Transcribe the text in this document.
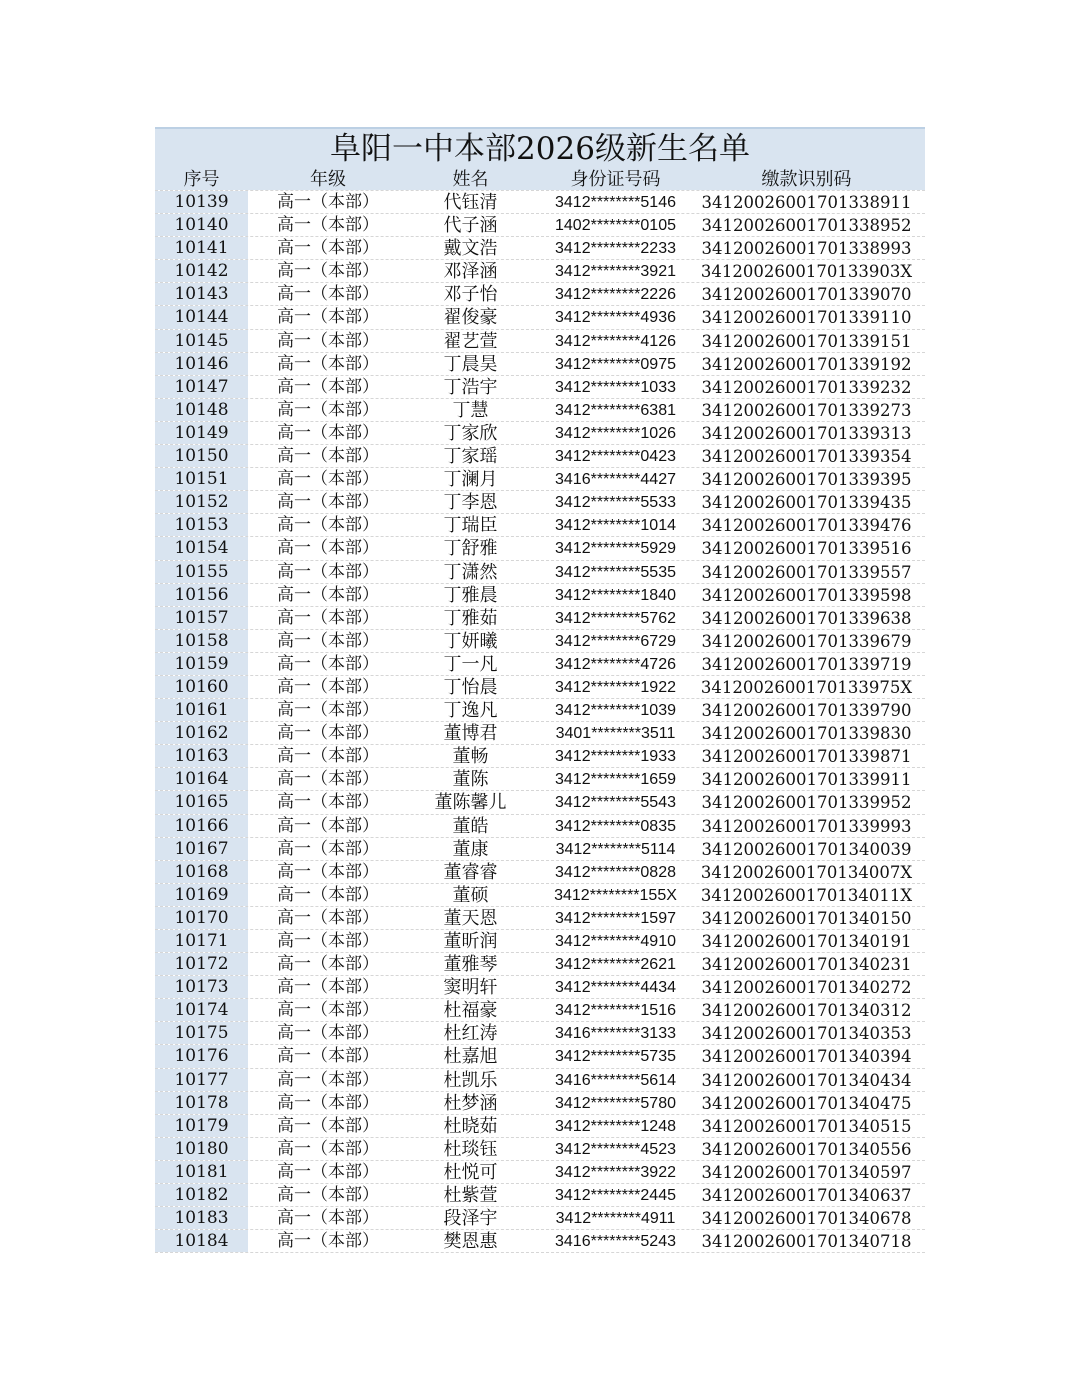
阜阳一中本部2026级新生名单
序号	年级	姓名	身份证号码	缴款识别码
10139	高一（本部）	代钰清	3412********5146	34120026001701338911
10140	高一（本部）	代子涵	1402********0105	34120026001701338952
10141	高一（本部）	戴文浩	3412********2233	34120026001701338993
10142	高一（本部）	邓泽涵	3412********3921	3412002600170133903X
10143	高一（本部）	邓子怡	3412********2226	34120026001701339070
10144	高一（本部）	翟俊豪	3412********4936	34120026001701339110
10145	高一（本部）	翟艺萱	3412********4126	34120026001701339151
10146	高一（本部）	丁晨昊	3412********0975	34120026001701339192
10147	高一（本部）	丁浩宇	3412********1033	34120026001701339232
10148	高一（本部）	丁慧	3412********6381	34120026001701339273
10149	高一（本部）	丁家欣	3412********1026	34120026001701339313
10150	高一（本部）	丁家瑶	3412********0423	34120026001701339354
10151	高一（本部）	丁澜月	3416********4427	34120026001701339395
10152	高一（本部）	丁李恩	3412********5533	34120026001701339435
10153	高一（本部）	丁瑞臣	3412********1014	34120026001701339476
10154	高一（本部）	丁舒雅	3412********5929	34120026001701339516
10155	高一（本部）	丁潇然	3412********5535	34120026001701339557
10156	高一（本部）	丁雅晨	3412********1840	34120026001701339598
10157	高一（本部）	丁雅茹	3412********5762	34120026001701339638
10158	高一（本部）	丁妍曦	3412********6729	34120026001701339679
10159	高一（本部）	丁一凡	3412********4726	34120026001701339719
10160	高一（本部）	丁怡晨	3412********1922	3412002600170133975X
10161	高一（本部）	丁逸凡	3412********1039	34120026001701339790
10162	高一（本部）	董博君	3401********3511	34120026001701339830
10163	高一（本部）	董畅	3412********1933	34120026001701339871
10164	高一（本部）	董陈	3412********1659	34120026001701339911
10165	高一（本部）	董陈馨儿	3412********5543	34120026001701339952
10166	高一（本部）	董皓	3412********0835	34120026001701339993
10167	高一（本部）	董康	3412********5114	34120026001701340039
10168	高一（本部）	董睿睿	3412********0828	3412002600170134007X
10169	高一（本部）	董硕	3412********155X	3412002600170134011X
10170	高一（本部）	董天恩	3412********1597	34120026001701340150
10171	高一（本部）	董昕润	3412********4910	34120026001701340191
10172	高一（本部）	董雅琴	3412********2621	34120026001701340231
10173	高一（本部）	窦明轩	3412********4434	34120026001701340272
10174	高一（本部）	杜福豪	3412********1516	34120026001701340312
10175	高一（本部）	杜红涛	3416********3133	34120026001701340353
10176	高一（本部）	杜嘉旭	3412********5735	34120026001701340394
10177	高一（本部）	杜凯乐	3416********5614	34120026001701340434
10178	高一（本部）	杜梦涵	3412********5780	34120026001701340475
10179	高一（本部）	杜晓茹	3412********1248	34120026001701340515
10180	高一（本部）	杜琰钰	3412********4523	34120026001701340556
10181	高一（本部）	杜悦可	3412********3922	34120026001701340597
10182	高一（本部）	杜紫萱	3412********2445	34120026001701340637
10183	高一（本部）	段泽宇	3412********4911	34120026001701340678
10184	高一（本部）	樊恩惠	3416********5243	34120026001701340718
